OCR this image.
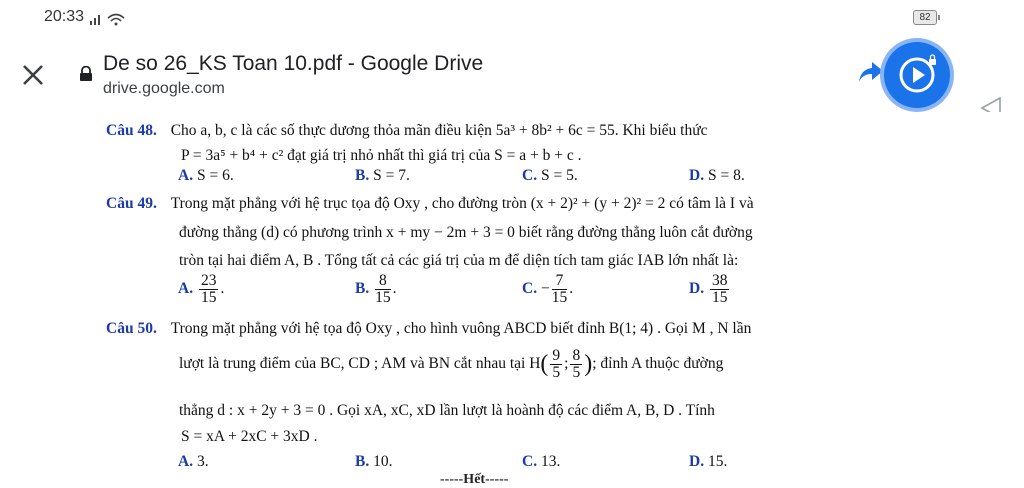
20:33	82
De so 26_KS Toan 10.pdf - Google Drive
drive.google.com
Câu 48. Cho a, b, c là các số thực dương thỏa mãn điều kiện 5a³ + 8b² + 6c = 55. Khi biểu thức
P = 3a⁵ + b⁴ + c² đạt giá trị nhỏ nhất thì giá trị của S = a + b + c .
A. S = 6.	B. S = 7.	C. S = 5.	D. S = 8.
Câu 49. Trong mặt phẳng với hệ trục tọa độ Oxy , cho đường tròn (x + 2)² + (y + 2)² = 2 có tâm là I và
đường thẳng (d) có phương trình x + my − 2m + 3 = 0 biết rằng đường thẳng luôn cắt đường
tròn tại hai điểm A, B . Tổng tất cả các giá trị của m để diện tích tam giác IAB lớn nhất là:
A. $\frac{23}{15}$ .	B. $\frac{8}{15}$ .	C. − $\frac{7}{15}$ .	D. $\frac{38}{15}$
Câu 50. Trong mặt phẳng với hệ tọa độ Oxy , cho hình vuông ABCD biết đỉnh B(1; 4) . Gọi M , N lần
lượt là trung điểm của BC, CD ; AM và BN cắt nhau tại $H( \frac{9}{5}$ ; $\frac{8}{5}$ ); đỉnh A thuộc đường
thẳng d : x + 2y + 3 = 0 . Gọi xA, xC, xD lần lượt là hoành độ các điểm A, B, D . Tính
S = xA + 2xC + 3xD .
A. 3.	B. 10.	C. 13.	D. 15.
-----Hết-----
